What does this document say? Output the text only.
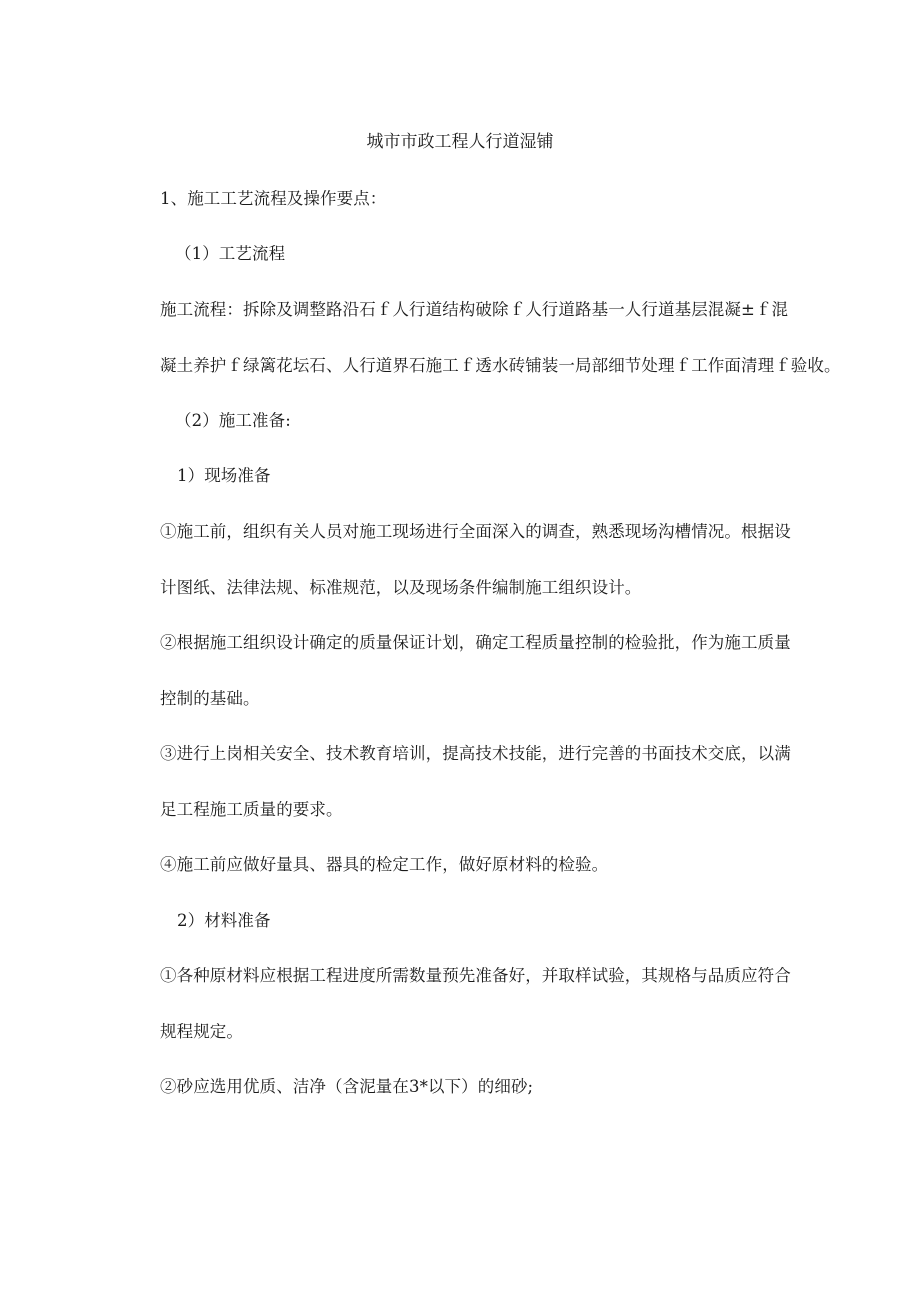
城市市政工程人行道湿铺
1、施工工艺流程及操作要点：
（1）工艺流程
施工流程：拆除及调整路沿石ｆ人行道结构破除ｆ人行道路基一人行道基层混凝±ｆ混
凝土养护ｆ绿篱花坛石、人行道界石施工ｆ透水砖铺装一局部细节处理ｆ工作面清理ｆ验收。
（2）施工准备:
1）现场准备
①施工前，组织有关人员对施工现场进行全面深入的调查，熟悉现场沟槽情况。根据设
计图纸、法律法规、标准规范，以及现场条件编制施工组织设计。
②根据施工组织设计确定的质量保证计划，确定工程质量控制的检验批，作为施工质量
控制的基础。
③进行上岗相关安全、技术教育培训，提高技术技能，进行完善的书面技术交底，以满
足工程施工质量的要求。
④施工前应做好量具、器具的检定工作，做好原材料的检验。
2）材料准备
①各种原材料应根据工程进度所需数量预先准备好，并取样试验，其规格与品质应符合
规程规定。
②砂应选用优质、洁净（含泥量在3*以下）的细砂;
